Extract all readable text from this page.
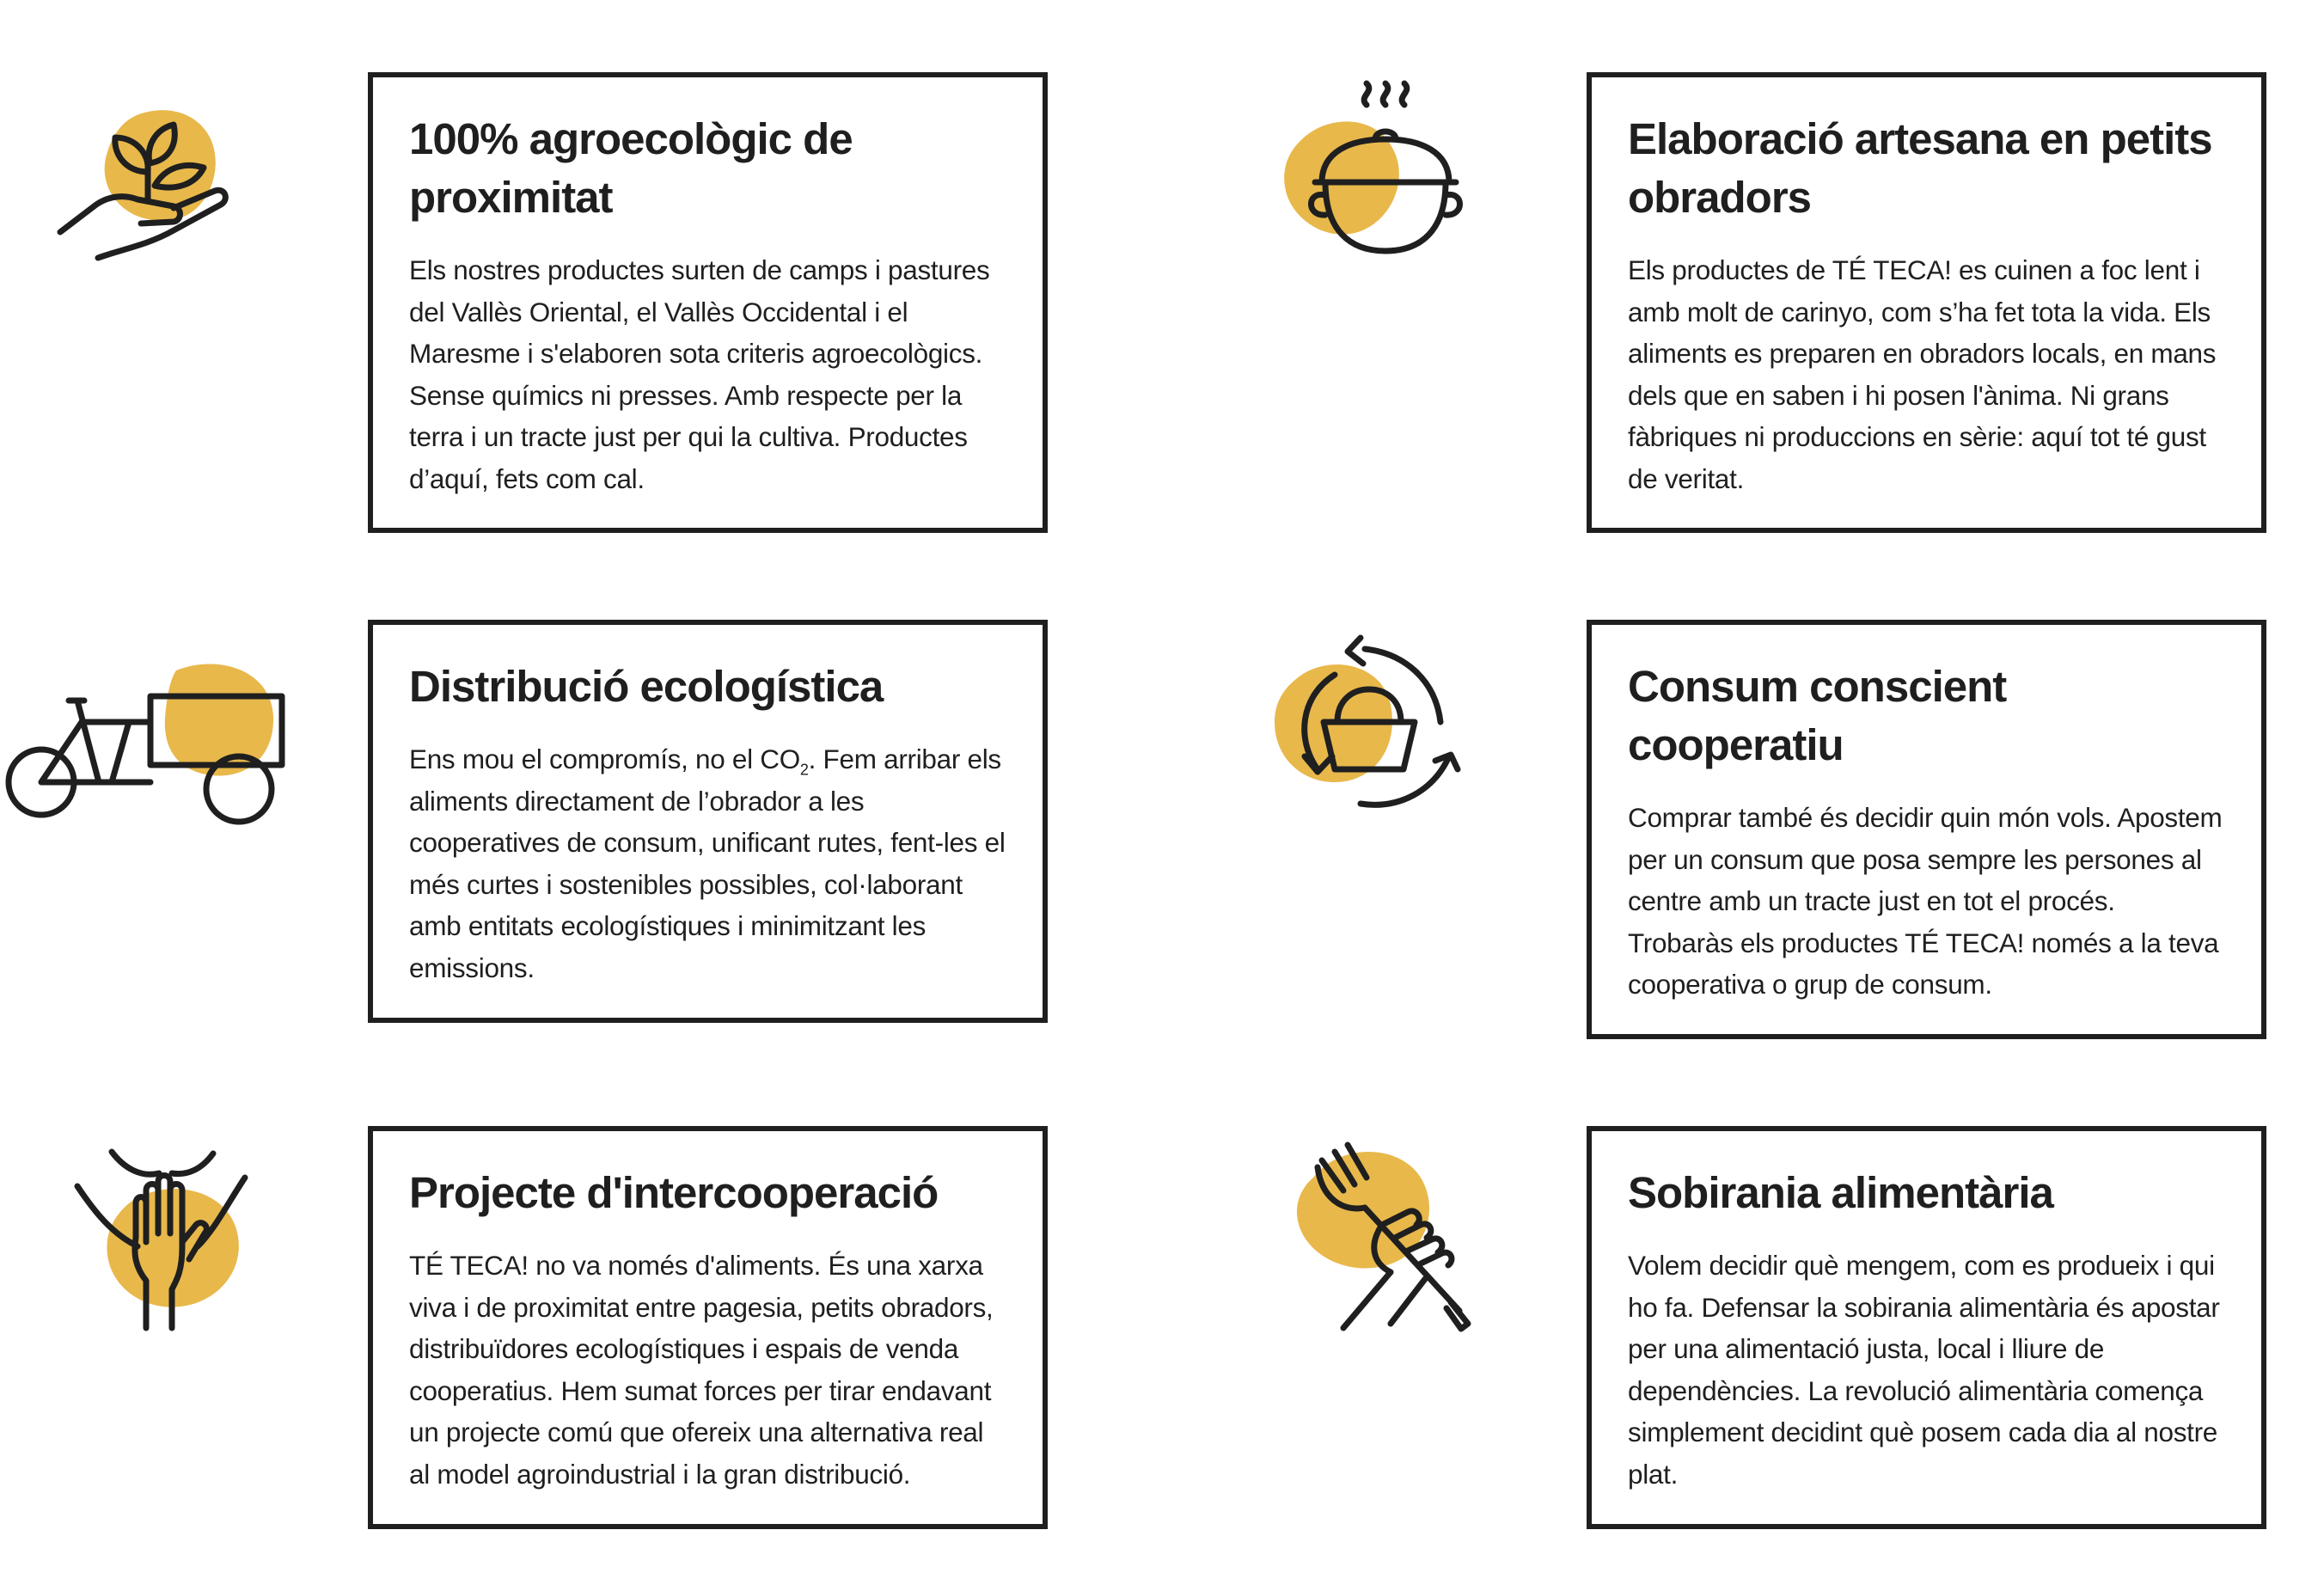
100% agroecològic de proximitat

Els nostres productes surten de camps i pastures del Vallès Oriental, el Vallès Occidental i el Maresme i s'elaboren sota criteris agroecològics. Sense químics ni presses. Amb respecte per la terra i un tracte just per qui la cultiva. Productes d’aquí, fets com cal.

Elaboració artesana en petits obradors

Els productes de TÉ TECA! es cuinen a foc lent i amb molt de carinyo, com s’ha fet tota la vida. Els aliments es preparen en obradors locals, en mans dels que en saben i hi posen l'ànima. Ni grans fàbriques ni produccions en sèrie: aquí tot té gust de veritat.

Distribució ecologística

Ens mou el compromís, no el $CO_2$. Fem arribar els aliments directament de l’obrador a les cooperatives de consum, unificant rutes, fent-les el més curtes i sostenibles possibles, col·laborant amb entitats ecologístiques i minimitzant les emissions.

Consum conscient cooperatiu

Comprar també és decidir quin món vols. Apostem per un consum que posa sempre les persones al centre amb un tracte just en tot el procés. Trobaràs els productes TÉ TECA! només a la teva cooperativa o grup de consum.

Projecte d'intercooperació

TÉ TECA! no va només d'aliments. És una xarxa viva i de proximitat entre pagesia, petits obradors, distribuïdores ecologístiques i espais de venda cooperatius. Hem sumat forces per tirar endavant un projecte comú que ofereix una alternativa real al model agroindustrial i la gran distribució.

Sobirania alimentària

Volem decidir què mengem, com es produeix i qui ho fa. Defensar la sobirania alimentària és apostar per una alimentació justa, local i lliure de dependències. La revolució alimentària comença simplement decidint què posem cada dia al nostre plat.
